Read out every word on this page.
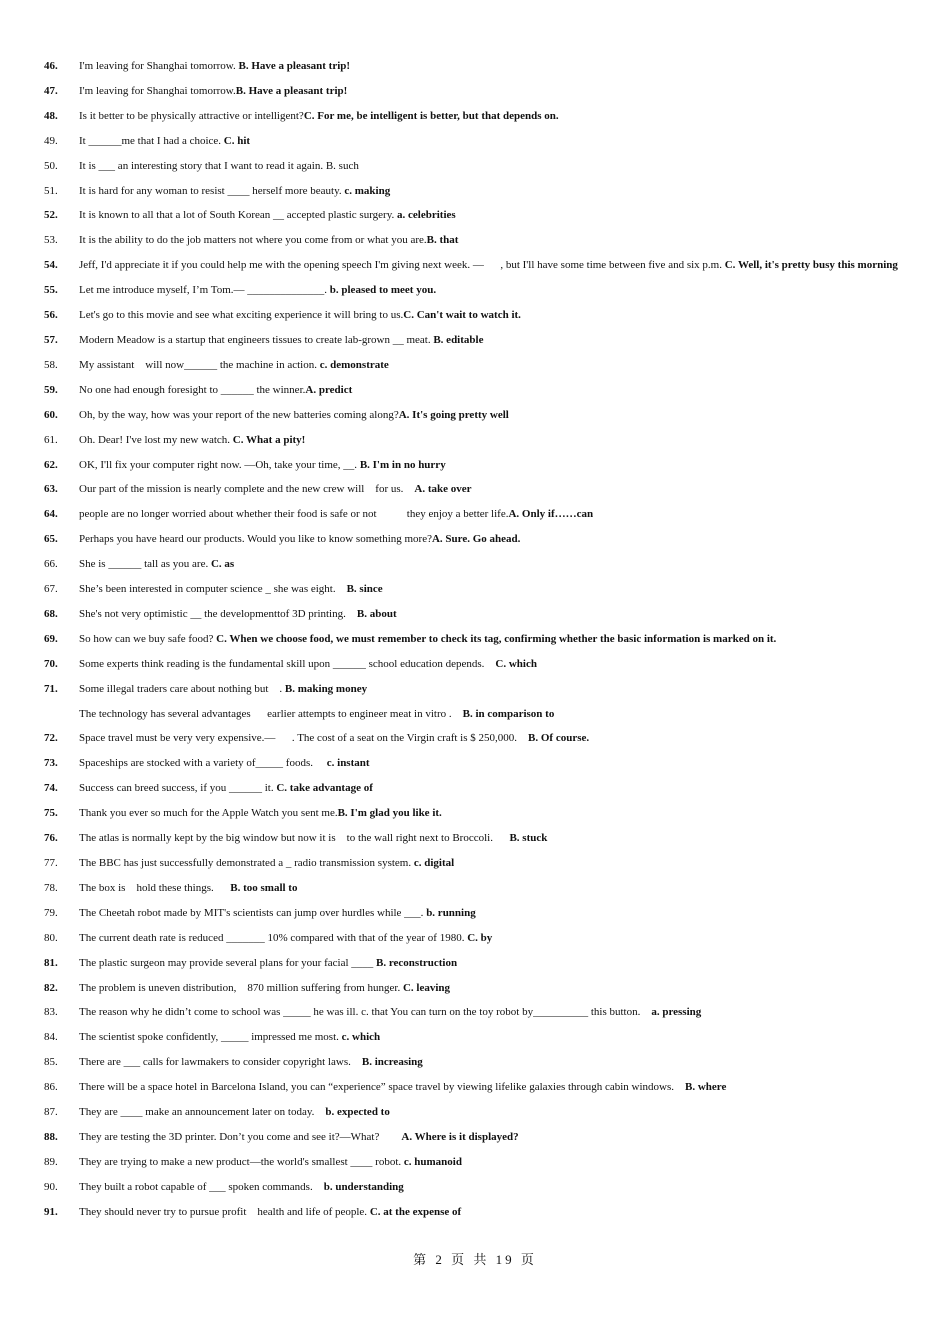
46.	I'm leaving for Shanghai tomorrow. B. Have a pleasant trip!
47.	I'm leaving for Shanghai tomorrow.B. Have a pleasant trip!
48.	Is it better to be physically attractive or intelligent?C. For me, be intelligent is better, but that depends on.
49.	It ______me that I had a choice. C. hit
50.	It is ___ an interesting story that I want to read it again. B. such
51.	It is hard for any woman to resist ____ herself more beauty. c. making
52.	It is known to all that a lot of South Korean __ accepted plastic surgery. a. celebrities
53.	It is the ability to do the job matters not where you come from or what you are.B. that
54.	Jeff, I'd appreciate it if you could help me with the opening speech I'm giving next week. —      , but I'll have some time between five and six p.m. C. Well, it's pretty busy this morning
55.	Let me introduce myself, I’m Tom.— ______________. b. pleased to meet you.
56.	Let's go to this movie and see what exciting experience it will bring to us.C. Can't wait to watch it.
57.	Modern Meadow is a startup that engineers tissues to create lab-grown __ meat. B. editable
58.	My assistant    will now______ the machine in action. c. demonstrate
59.	No one had enough foresight to ______ the winner.A. predict
60.	Oh, by the way, how was your report of the new batteries coming along?A. It's going pretty well
61.	Oh. Dear! I've lost my new watch. C. What a pity!
62.	OK, I'll fix your computer right now. —Oh, take your time, __. B. I'm in no hurry
63.	Our part of the mission is nearly complete and the new crew will    for us.    A. take over
64.	people are no longer worried about whether their food is safe or not           they enjoy a better life.A. Only if……can
65.	Perhaps you have heard our products. Would you like to know something more?A. Sure. Go ahead.
66.	She is ______ tall as you are. C. as
67.	She’s been interested in computer science _ she was eight.    B. since
68.	She's not very optimistic __ the developmenttof 3D printing.    B. about
69.	So how can we buy safe food? C. When we choose food, we must remember to check its tag, confirming whether the basic information is marked on it.
70.	Some experts think reading is the fundamental skill upon ______ school education depends.    C. which
71.	Some illegal traders care about nothing but    . B. making money
The technology has several advantages      earlier attempts to engineer meat in vitro .    B. in comparison to
72.	Space travel must be very very expensive.—      . The cost of a seat on the Virgin craft is $ 250,000.    B. Of course.
73.	Spaceships are stocked with a variety of_____ foods.     c. instant
74.	Success can breed success, if you ______ it. C. take advantage of
75.	Thank you ever so much for the Apple Watch you sent me.B. I'm glad you like it.
76.	The atlas is normally kept by the big window but now it is    to the wall right next to Broccoli.      B. stuck
77.	The BBC has just successfully demonstrated a _ radio transmission system. c. digital
78.	The box is    hold these things.      B. too small to
79.	The Cheetah robot made by MIT's scientists can jump over hurdles while ___. b. running
80.	The current death rate is reduced _______ 10% compared with that of the year of 1980. C. by
81.	The plastic surgeon may provide several plans for your facial ____ B. reconstruction
82.	The problem is uneven distribution,    870 million suffering from hunger. C. leaving
83.	The reason why he didn’t come to school was _____ he was ill. c. that You can turn on the toy robot by__________ this button.    a. pressing
84.	The scientist spoke confidently, _____ impressed me most. c. which
85.	There are ___ calls for lawmakers to consider copyright laws.    B. increasing
86.	There will be a space hotel in Barcelona Island, you can “experience” space travel by viewing lifelike galaxies through cabin windows.    B. where
87.	They are ____ make an announcement later on today.    b. expected to
88.	They are testing the 3D printer. Don’t you come and see it?—What?        A. Where is it displayed?
89.	They are trying to make a new product—the world's smallest ____ robot. c. humanoid
90.	They built a robot capable of ___ spoken commands.    b. understanding
91.	They should never try to pursue profit    health and life of people. C. at the expense of
第 2 页 共 19 页
